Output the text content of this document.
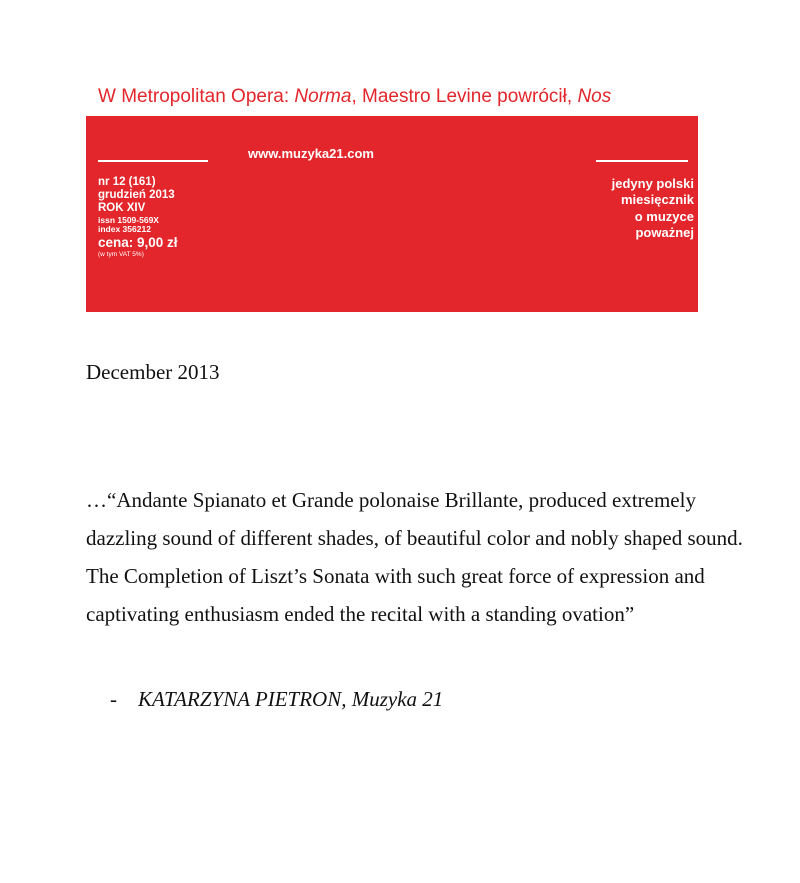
W Metropolitan Opera: Norma, Maestro Levine powrócił, Nos
www.muzyka21.com
nr 12 (161)
grudzień 2013
ROK XIV
issn 1509-569X
index 356212
cena: 9,00 zł
(w tym VAT 5%)
jedyny polski
miesięcznik
o muzyce
poważnej
December 2013
…“Andante Spianato et Grande polonaise Brillante, produced extremely dazzling sound of different shades, of beautiful color and nobly shaped sound. The Completion of Liszt’s Sonata with such great force of expression and captivating enthusiasm ended the recital with a standing ovation”
- KATARZYNA PIETRON, Muzyka 21
